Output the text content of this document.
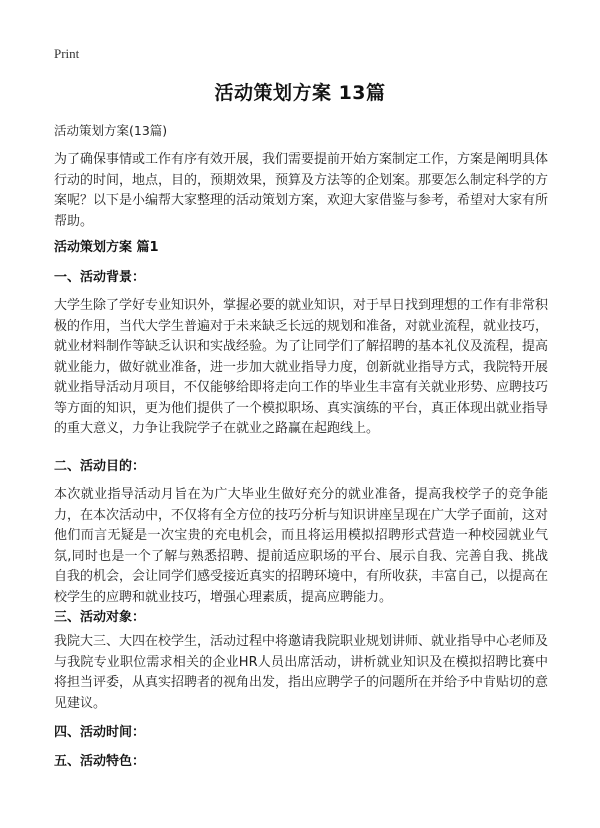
Print
活动策划方案 13篇
活动策划方案(13篇)

为了确保事情或工作有序有效开展，我们需要提前开始方案制定工作，方案是阐明具体行动的时间，地点，目的，预期效果，预算及方法等的企划案。那要怎么制定科学的方案呢？以下是小编帮大家整理的活动策划方案，欢迎大家借鉴与参考，希望对大家有所帮助。

活动策划方案 篇1
一、活动背景：

大学生除了学好专业知识外，掌握必要的就业知识，对于早日找到理想的工作有非常积极的作用，当代大学生普遍对于未来缺乏长远的规划和准备，对就业流程，就业技巧，就业材料制作等缺乏认识和实战经验。为了让同学们了解招聘的基本礼仪及流程，提高就业能力，做好就业准备，进一步加大就业指导力度，创新就业指导方式，我院特开展就业指导活动月项目，不仅能够给即将走向工作的毕业生丰富有关就业形势、应聘技巧等方面的知识，更为他们提供了一个模拟职场、真实演练的平台，真正体现出就业指导的重大意义，力争让我院学子在就业之路赢在起跑线上。

二、活动目的：

本次就业指导活动月旨在为广大毕业生做好充分的就业准备，提高我校学子的竞争能力，在本次活动中，不仅将有全方位的技巧分析与知识讲座呈现在广大学子面前，这对他们而言无疑是一次宝贵的充电机会，而且将运用模拟招聘形式营造一种校园就业气氛,同时也是一个了解与熟悉招聘、提前适应职场的平台、展示自我、完善自我、挑战自我的机会，会让同学们感受接近真实的招聘环境中，有所收获，丰富自己，以提高在校学生的应聘和就业技巧，增强心理素质，提高应聘能力。

三、活动对象：

我院大三、大四在校学生，活动过程中将邀请我院职业规划讲师、就业指导中心老师及与我院专业职位需求相关的企业HR人员出席活动，讲析就业知识及在模拟招聘比赛中将担当评委，从真实招聘者的视角出发，指出应聘学子的问题所在并给予中肯贴切的意见建议。

四、活动时间：
五、活动特色：
